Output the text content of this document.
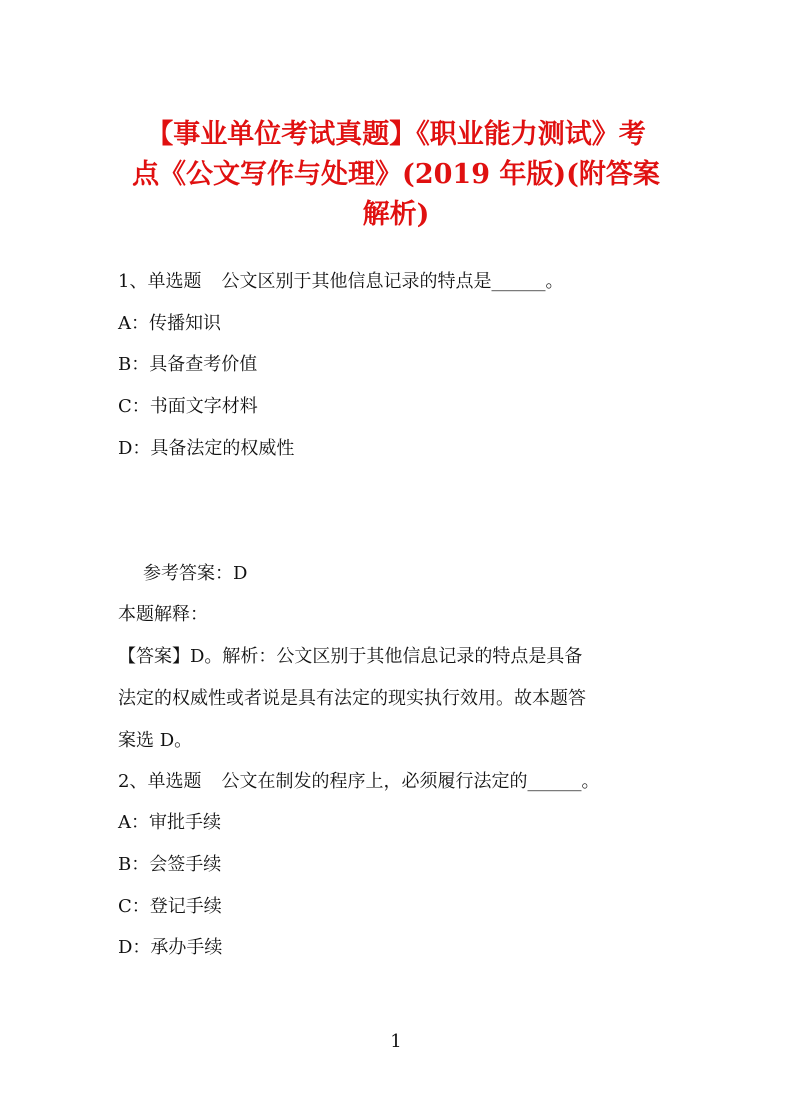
【事业单位考试真题】《职业能力测试》考
点《公文写作与处理》(2019 年版)(附答案
解析)
1、单选题 公文区别于其他信息记录的特点是______。
A：传播知识
B：具备查考价值
C：书面文字材料
D：具备法定的权威性
参考答案：D
本题解释：
【答案】D。解析：公文区别于其他信息记录的特点是具备
法定的权威性或者说是具有法定的现实执行效用。故本题答
案选 D。
2、单选题 公文在制发的程序上，必须履行法定的______。
A：审批手续
B：会签手续
C：登记手续
D：承办手续
1
